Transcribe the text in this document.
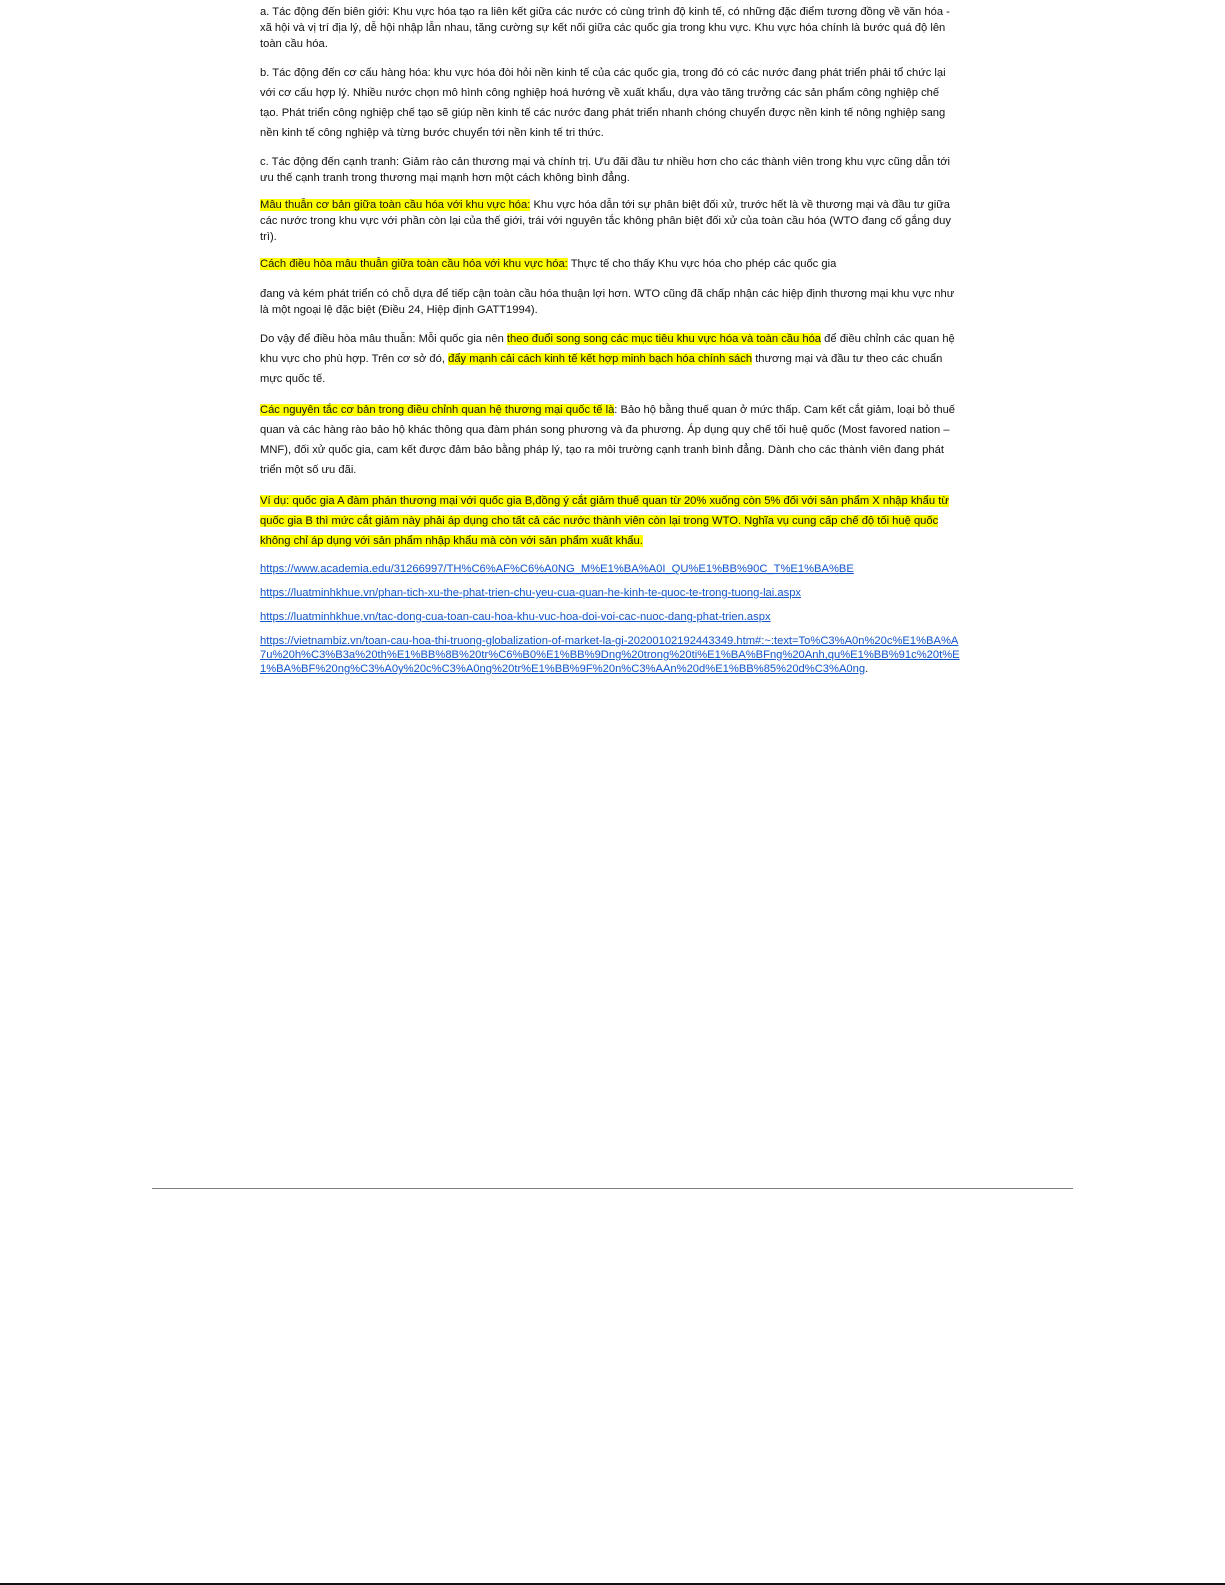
a. Tác động đến biên giới: Khu vực hóa tạo ra liên kết giữa các nước có cùng trình độ kinh tế, có những đặc điểm tương đồng về văn hóa - xã hội và vị trí địa lý, dễ hội nhập lẫn nhau, tăng cường sự kết nối giữa các quốc gia trong khu vực. Khu vực hóa chính là bước quá độ lên toàn cầu hóa.

b. Tác động đến cơ cấu hàng hóa: khu vực hóa đòi hỏi nền kinh tế của các quốc gia, trong đó có các nước đang phát triển phải tổ chức lại với cơ cấu hợp lý. Nhiều nước chọn mô hình công nghiệp hoá hướng về xuất khẩu, dựa vào tăng trưởng các sản phẩm công nghiệp chế tạo. Phát triển công nghiệp chế tạo sẽ giúp nền kinh tế các nước đang phát triển nhanh chóng chuyển được nền kinh tế nông nghiệp sang nền kinh tế công nghiệp và từng bước chuyển tới nền kinh tế tri thức.

c. Tác động đến cạnh tranh: Giảm rào cản thương mại và chính trị. Ưu đãi đầu tư nhiều hơn cho các thành viên trong khu vực cũng dẫn tới ưu thế cạnh tranh trong thương mại mạnh hơn một cách không bình đẳng.

Mâu thuẫn cơ bản giữa toàn cầu hóa với khu vực hóa: Khu vực hóa dẫn tới sự phân biệt đối xử, trước hết là về thương mại và đầu tư giữa các nước trong khu vực với phần còn lại của thế giới, trái với nguyên tắc không phân biệt đối xử của toàn cầu hóa (WTO đang cố gắng duy trì).

Cách điều hòa mâu thuẫn giữa toàn cầu hóa với khu vực hóa: Thực tế cho thấy Khu vực hóa cho phép các quốc gia

đang và kém phát triển có chỗ dựa để tiếp cận toàn cầu hóa thuận lợi hơn. WTO cũng đã chấp nhận các hiệp định thương mại khu vực như là một ngoại lệ đặc biệt (Điều 24, Hiệp định GATT1994).

Do vậy để điều hòa mâu thuẫn: Mỗi quốc gia nên theo đuổi song song các mục tiêu khu vực hóa và toàn cầu hóa để điều chỉnh các quan hệ khu vực cho phù hợp. Trên cơ sở đó, đẩy mạnh cải cách kinh tế kết hợp minh bạch hóa chính sách thương mại và đầu tư theo các chuẩn mực quốc tế.

Các nguyên tắc cơ bản trong điều chỉnh quan hệ thương mại quốc tế là: Bảo hộ bằng thuế quan ở mức thấp. Cam kết cắt giảm, loại bỏ thuế quan và các hàng rào bảo hộ khác thông qua đàm phán song phương và đa phương. Áp dụng quy chế tối huệ quốc (Most favored nation – MNF), đối xử quốc gia, cam kết được đảm bảo bằng pháp lý, tạo ra môi trường cạnh tranh bình đẳng. Dành cho các thành viên đang phát triển một số ưu đãi.

Ví dụ: quốc gia A đàm phán thương mại với quốc gia B,đồng ý cắt giảm thuế quan từ 20% xuống còn 5% đối với sản phẩm X nhập khẩu từ quốc gia B thì mức cắt giảm này phải áp dụng cho tất cả các nước thành viên còn lại trong WTO. Nghĩa vụ cung cấp chế độ tối huệ quốc không chỉ áp dụng với sản phẩm nhập khẩu mà còn với sản phẩm xuất khẩu.

https://www.academia.edu/31266997/TH%C6%AF%C6%A0NG_M%E1%BA%A0I_QU%E1%BB%90C_T%E1%BA%BE

https://luatminhkhue.vn/phan-tich-xu-the-phat-trien-chu-yeu-cua-quan-he-kinh-te-quoc-te-trong-tuong-lai.aspx

https://luatminhkhue.vn/tac-dong-cua-toan-cau-hoa-khu-vuc-hoa-doi-voi-cac-nuoc-dang-phat-trien.aspx

https://vietnambiz.vn/toan-cau-hoa-thi-truong-globalization-of-market-la-gi-20200102192443349.htm#:~:text=To%C3%A0n%20c%E1%BA%A7u%20h%C3%B3a%20th%E1%BB%8B%20tr%C6%B0%E1%BB%9Dng%20trong%20ti%E1%BA%BFng%20Anh,qu%E1%BB%91c%20t%E1%BA%BF%20ng%C3%A0y%20c%C3%A0ng%20tr%E1%BB%9F%20n%C3%AAn%20d%E1%BB%85%20d%C3%A0ng.
